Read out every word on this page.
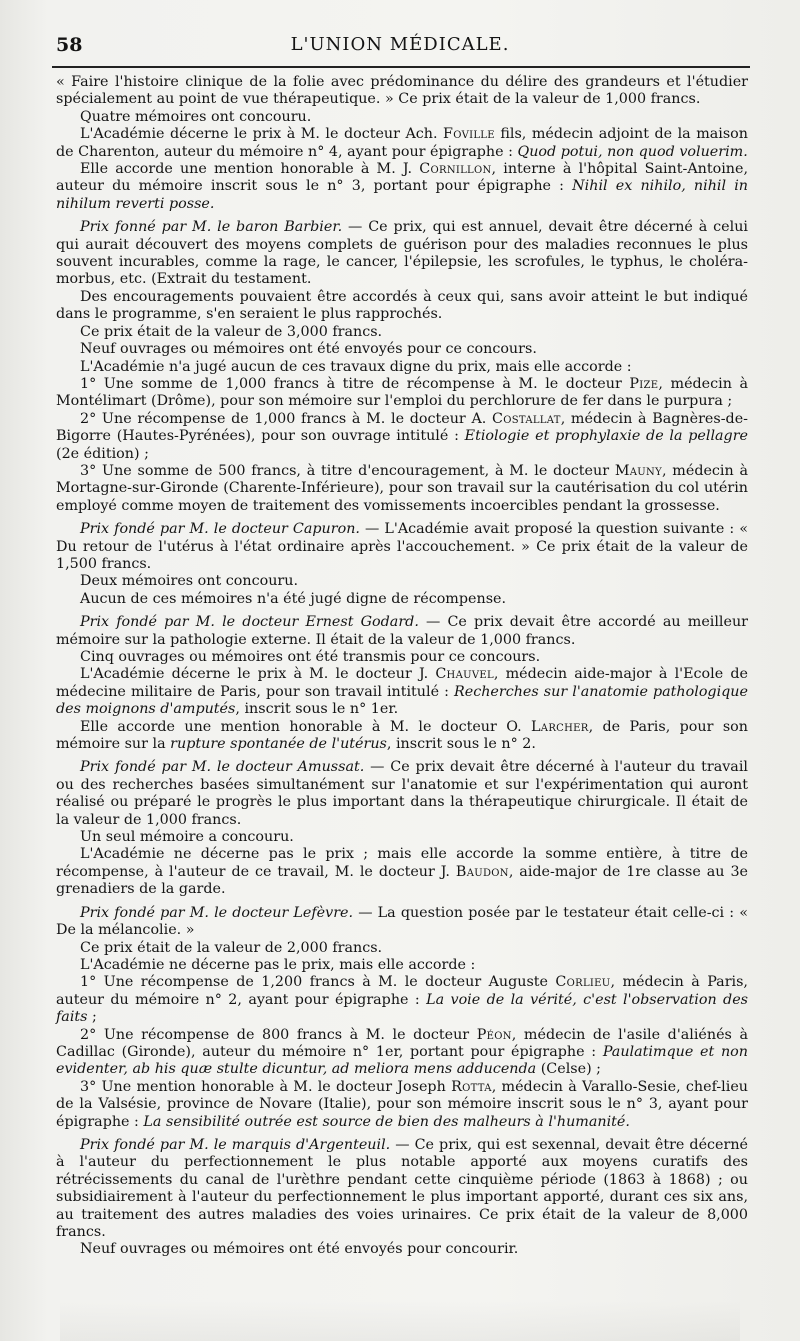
58	L'UNION MÉDICALE.

« Faire l'histoire clinique de la folie avec prédominance du délire des grandeurs et l'étudier spécialement au point de vue thérapeutique. » Ce prix était de la valeur de 1,000 francs.

Quatre mémoires ont concouru.

L'Académie décerne le prix à M. le docteur Ach. Foville fils, médecin adjoint de la maison de Charenton, auteur du mémoire n° 4, ayant pour épigraphe : Quod potui, non quod voluerim.

Elle accorde une mention honorable à M. J. Cornillon, interne à l'hôpital Saint-Antoine, auteur du mémoire inscrit sous le n° 3, portant pour épigraphe : Nihil ex nihilo, nihil in nihilum reverti posse.

Prix fonné par M. le baron Barbier. — Ce prix, qui est annuel, devait être décerné à celui qui aurait découvert des moyens complets de guérison pour des maladies reconnues le plus souvent incurables, comme la rage, le cancer, l'épilepsie, les scrofules, le typhus, le choléra-morbus, etc. (Extrait du testament.

Des encouragements pouvaient être accordés à ceux qui, sans avoir atteint le but indiqué dans le programme, s'en seraient le plus rapprochés.

Ce prix était de la valeur de 3,000 francs.

Neuf ouvrages ou mémoires ont été envoyés pour ce concours.

L'Académie n'a jugé aucun de ces travaux digne du prix, mais elle accorde :

1° Une somme de 1,000 francs à titre de récompense à M. le docteur Pize, médecin à Montélimart (Drôme), pour son mémoire sur l'emploi du perchlorure de fer dans le purpura ;

2° Une récompense de 1,000 francs à M. le docteur A. Costallat, médecin à Bagnères-de-Bigorre (Hautes-Pyrénées), pour son ouvrage intitulé : Etiologie et prophylaxie de la pellagre (2e édition) ;

3° Une somme de 500 francs, à titre d'encouragement, à M. le docteur Mauny, médecin à Mortagne-sur-Gironde (Charente-Inférieure), pour son travail sur la cautérisation du col utérin employé comme moyen de traitement des vomissements incoercibles pendant la grossesse.

Prix fondé par M. le docteur Capuron. — L'Académie avait proposé la question suivante : « Du retour de l'utérus à l'état ordinaire après l'accouchement. » Ce prix était de la valeur de 1,500 francs.

Deux mémoires ont concouru.

Aucun de ces mémoires n'a été jugé digne de récompense.

Prix fondé par M. le docteur Ernest Godard. — Ce prix devait être accordé au meilleur mémoire sur la pathologie externe. Il était de la valeur de 1,000 francs.

Cinq ouvrages ou mémoires ont été transmis pour ce concours.

L'Académie décerne le prix à M. le docteur J. Chauvel, médecin aide-major à l'Ecole de médecine militaire de Paris, pour son travail intitulé : Recherches sur l'anatomie pathologique des moignons d'amputés, inscrit sous le n° 1er.

Elle accorde une mention honorable à M. le docteur O. Larcher, de Paris, pour son mémoire sur la rupture spontanée de l'utérus, inscrit sous le n° 2.

Prix fondé par M. le docteur Amussat. — Ce prix devait être décerné à l'auteur du travail ou des recherches basées simultanément sur l'anatomie et sur l'expérimentation qui auront réalisé ou préparé le progrès le plus important dans la thérapeutique chirurgicale. Il était de la valeur de 1,000 francs.

Un seul mémoire a concouru.

L'Académie ne décerne pas le prix ; mais elle accorde la somme entière, à titre de récompense, à l'auteur de ce travail, M. le docteur J. Baudon, aide-major de 1re classe au 3e grenadiers de la garde.

Prix fondé par M. le docteur Lefèvre. — La question posée par le testateur était celle-ci : « De la mélancolie. »

Ce prix était de la valeur de 2,000 francs.

L'Académie ne décerne pas le prix, mais elle accorde :

1° Une récompense de 1,200 francs à M. le docteur Auguste Corlieu, médecin à Paris, auteur du mémoire n° 2, ayant pour épigraphe : La voie de la vérité, c'est l'observation des faits ;

2° Une récompense de 800 francs à M. le docteur Péon, médecin de l'asile d'aliénés à Cadillac (Gironde), auteur du mémoire n° 1er, portant pour épigraphe : Paulatimque et non evidenter, ab his quæ stulte dicuntur, ad meliora mens adducenda (Celse) ;

3° Une mention honorable à M. le docteur Joseph Rotta, médecin à Varallo-Sesie, chef-lieu de la Valsésie, province de Novare (Italie), pour son mémoire inscrit sous le n° 3, ayant pour épigraphe : La sensibilité outrée est source de bien des malheurs à l'humanité.

Prix fondé par M. le marquis d'Argenteuil. — Ce prix, qui est sexennal, devait être décerné à l'auteur du perfectionnement le plus notable apporté aux moyens curatifs des rétrécissements du canal de l'urèthre pendant cette cinquième période (1863 à 1868) ; ou subsidiairement à l'auteur du perfectionnement le plus important apporté, durant ces six ans, au traitement des autres maladies des voies urinaires. Ce prix était de la valeur de 8,000 francs.

Neuf ouvrages ou mémoires ont été envoyés pour concourir.
